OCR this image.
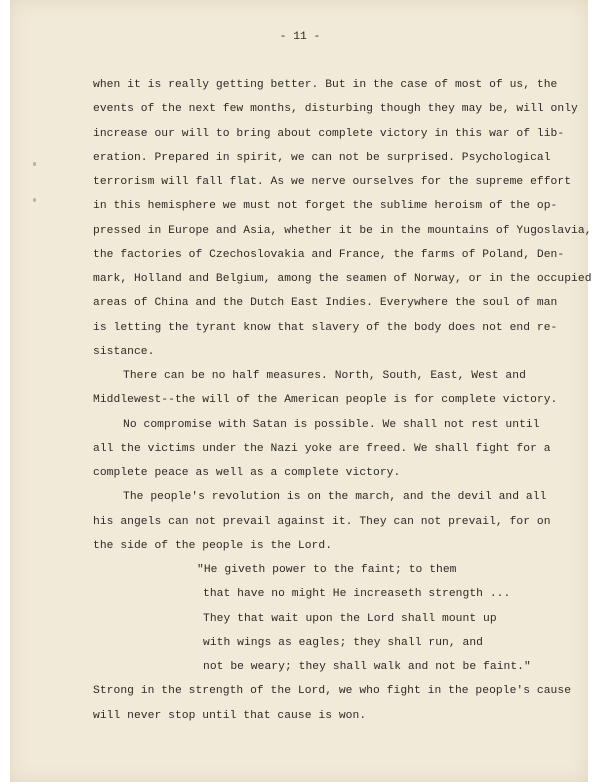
- 11 -
when it is really getting better. But in the case of most of us, the
events of the next few months, disturbing though they may be, will only
increase our will to bring about complete victory in this war of lib-
eration. Prepared in spirit, we can not be surprised. Psychological
terrorism will fall flat. As we nerve ourselves for the supreme effort
in this hemisphere we must not forget the sublime heroism of the op-
pressed in Europe and Asia, whether it be in the mountains of Yugoslavia,
the factories of Czechoslovakia and France, the farms of Poland, Den-
mark, Holland and Belgium, among the seamen of Norway, or in the occupied
areas of China and the Dutch East Indies. Everywhere the soul of man
is letting the tyrant know that slavery of the body does not end re-
sistance.
There can be no half measures. North, South, East, West and
Middlewest--the will of the American people is for complete victory.
No compromise with Satan is possible. We shall not rest until
all the victims under the Nazi yoke are freed. We shall fight for a
complete peace as well as a complete victory.
The people's revolution is on the march, and the devil and all
his angels can not prevail against it. They can not prevail, for on
the side of the people is the Lord.
"He giveth power to the faint; to them
that have no might He increaseth strength ...
They that wait upon the Lord shall mount up
with wings as eagles; they shall run, and
not be weary; they shall walk and not be faint."
Strong in the strength of the Lord, we who fight in the people's cause
will never stop until that cause is won.
